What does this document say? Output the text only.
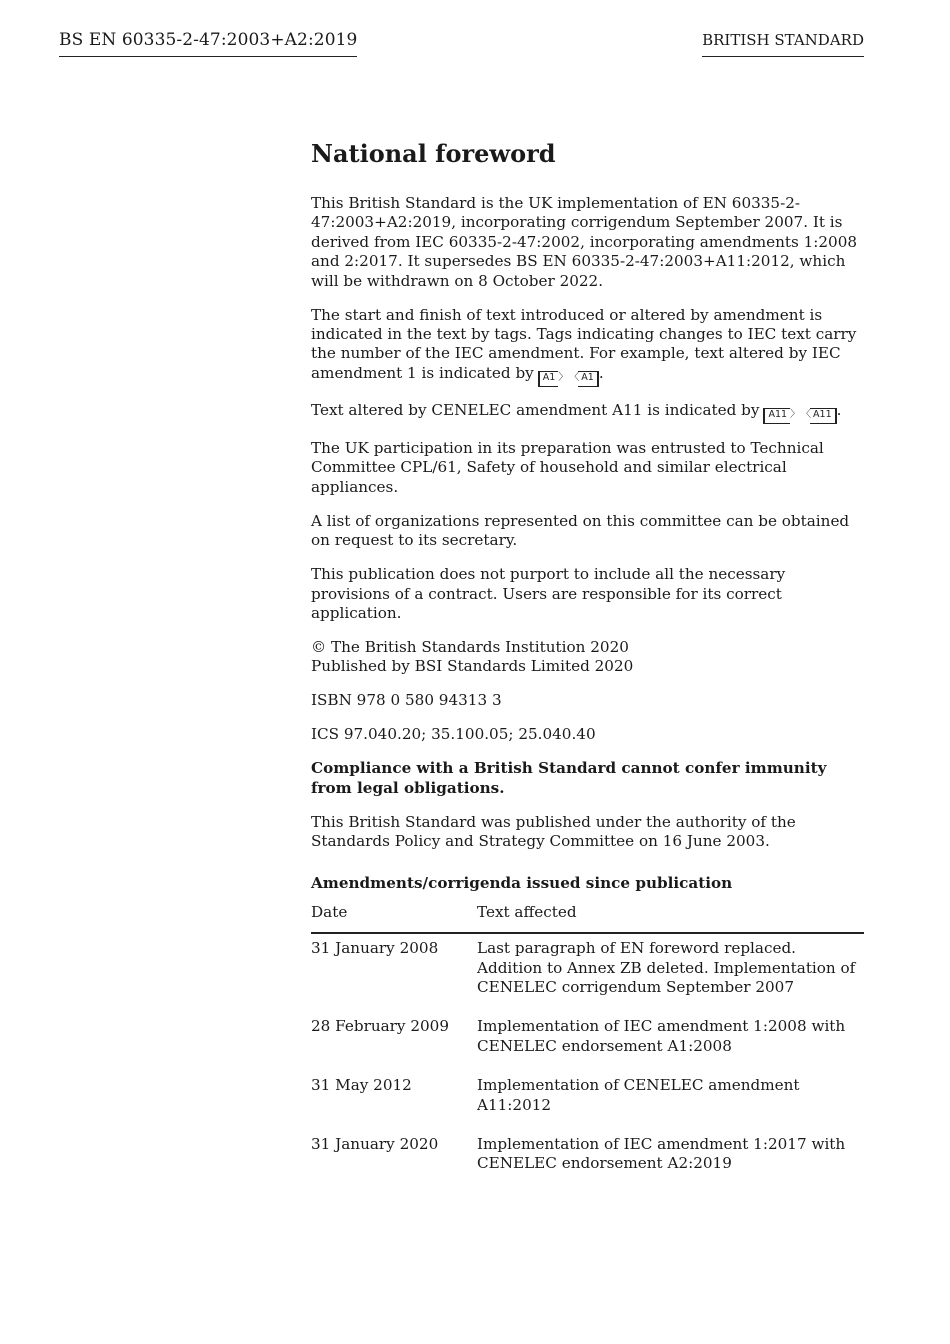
BS EN 60335-2-47:2003+A2:2019	BRITISH STANDARD
National foreword

This British Standard is the UK implementation of EN 60335-2-47:2003+A2:2019, incorporating corrigendum September 2007. It is derived from IEC 60335-2-47:2002, incorporating amendments 1:2008 and 2:2017. It supersedes BS EN 60335-2-47:2003+A11:2012, which will be withdrawn on 8 October 2022.

The start and finish of text introduced or altered by amendment is indicated in the text by tags. Tags indicating changes to IEC text carry the number of the IEC amendment. For example, text altered by IEC amendment 1 is indicated by A1 〉	〈 A1 .

Text altered by CENELEC amendment A11 is indicated by A11 〉	〈 A11 .

The UK participation in its preparation was entrusted to Technical Committee CPL/61, Safety of household and similar electrical appliances.

A list of organizations represented on this committee can be obtained on request to its secretary.

This publication does not purport to include all the necessary provisions of a contract. Users are responsible for its correct application.

© The British Standards Institution 2020
Published by BSI Standards Limited 2020

ISBN 978 0 580 94313 3

ICS 97.040.20; 35.100.05; 25.040.40

Compliance with a British Standard cannot confer immunity from legal obligations.

This British Standard was published under the authority of the Standards Policy and Strategy Committee on 16 June 2003.

Amendments/corrigenda issued since publication
Date	Text affected
31 January 2008	Last paragraph of EN foreword replaced. Addition to Annex ZB deleted. Implementation of CENELEC corrigendum September 2007
28 February 2009	Implementation of IEC amendment 1:2008 with CENELEC endorsement A1:2008
31 May 2012	Implementation of CENELEC amendment A11:2012
31 January 2020	Implementation of IEC amendment 1:2017 with CENELEC endorsement A2:2019
